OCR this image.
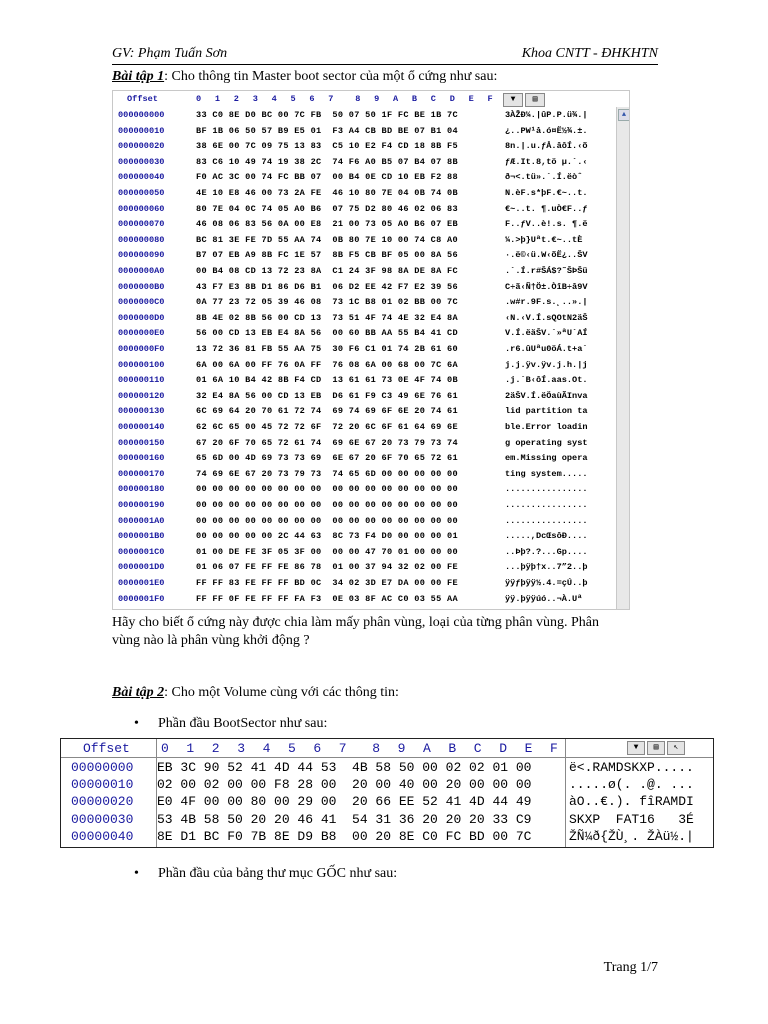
GV: Phạm Tuấn Sơn	Khoa CNTT - ĐHKHTN
Bài tập 1: Cho thông tin Master boot sector của một ổ cứng như sau:
Offset	0 1 2 3 4 5 6 7	8 9 A B C D E F	▼	▤
000000000	33 C0 8E D0 BC 00 7C FB  50 07 50 1F FC BE 1B 7C	3ÀŽÐ¼.|ûP.P.ü¾.|
000000010	BF 1B 06 50 57 B9 E5 01  F3 A4 CB BD BE 07 B1 04	¿..PW¹å.ó¤Ë½¾.±.
000000020	38 6E 00 7C 09 75 13 83  C5 10 E2 F4 CD 18 8B F5	8n.|.u.ƒÅ.âôÍ.‹õ
000000030	83 C6 10 49 74 19 38 2C  74 F6 A0 B5 07 B4 07 8B	ƒÆ.It.8,tö µ.´.‹
000000040	F0 AC 3C 00 74 FC BB 07  00 B4 0E CD 10 EB F2 88	ð¬<.tü».´.Í.ëòˆ
000000050	4E 10 E8 46 00 73 2A FE  46 10 80 7E 04 0B 74 0B	N.èF.s*þF.€~..t.
000000060	80 7E 04 0C 74 05 A0 B6  07 75 D2 80 46 02 06 83	€~..t. ¶.uÒ€F..ƒ
000000070	46 08 06 83 56 0A 00 E8  21 00 73 05 A0 B6 07 EB	F..ƒV..è!.s. ¶.ë
000000080	BC 81 3E FE 7D 55 AA 74  0B 80 7E 10 00 74 C8 A0	¼.>þ}Uªt.€~..tÈ
000000090	B7 07 EB A9 8B FC 1E 57  8B F5 CB BF 05 00 8A 56	·.ë©‹ü.W‹õË¿..ŠV
0000000A0	00 B4 08 CD 13 72 23 8A  C1 24 3F 98 8A DE 8A FC	.´.Í.r#ŠÁ$?˜ŠÞŠü
0000000B0	43 F7 E3 8B D1 86 D6 B1  06 D2 EE 42 F7 E2 39 56	C÷ã‹Ñ†Ö±.ÒîB÷â9V
0000000C0	0A 77 23 72 05 39 46 08  73 1C B8 01 02 BB 00 7C	.w#r.9F.s.¸..».|
0000000D0	8B 4E 02 8B 56 00 CD 13  73 51 4F 74 4E 32 E4 8A	‹N.‹V.Í.sQOtN2äŠ
0000000E0	56 00 CD 13 EB E4 8A 56  00 60 BB AA 55 B4 41 CD	V.Í.ëäŠV.`»ªU´AÍ
0000000F0	13 72 36 81 FB 55 AA 75  30 F6 C1 01 74 2B 61 60	.r6.ûUªu0öÁ.t+a`
000000100	6A 00 6A 00 FF 76 0A FF  76 08 6A 00 68 00 7C 6A	j.j.ÿv.ÿv.j.h.|j
000000110	01 6A 10 B4 42 8B F4 CD  13 61 61 73 0E 4F 74 0B	.j.´B‹ôÍ.aas.Ot.
000000120	32 E4 8A 56 00 CD 13 EB  D6 61 F9 C3 49 6E 76 61	2äŠV.Í.ëÖaùÃInva
000000130	6C 69 64 20 70 61 72 74  69 74 69 6F 6E 20 74 61	lid partition ta
000000140	62 6C 65 00 45 72 72 6F  72 20 6C 6F 61 64 69 6E	ble.Error loadin
000000150	67 20 6F 70 65 72 61 74  69 6E 67 20 73 79 73 74	g operating syst
000000160	65 6D 00 4D 69 73 73 69  6E 67 20 6F 70 65 72 61	em.Missing opera
000000170	74 69 6E 67 20 73 79 73  74 65 6D 00 00 00 00 00	ting system.....
000000180	00 00 00 00 00 00 00 00  00 00 00 00 00 00 00 00	................
000000190	00 00 00 00 00 00 00 00  00 00 00 00 00 00 00 00	................
0000001A0	00 00 00 00 00 00 00 00  00 00 00 00 00 00 00 00	................
0000001B0	00 00 00 00 00 2C 44 63  8C 73 F4 D0 00 00 00 01	.....,DcŒsôÐ....
0000001C0	01 00 DE FE 3F 05 3F 00  00 00 47 70 01 00 00 00	..Þþ?.?...Gp....
0000001D0	01 06 07 FE FF FE 86 78  01 00 37 94 32 02 00 FE	...þÿþ†x..7”2..þ
0000001E0	FF FF 83 FE FF FF BD 0C  34 02 3D E7 DA 00 00 FE	ÿÿƒþÿÿ½.4.=çÚ..þ
0000001F0	FF FF 0F FE FF FF FA F3  0E 03 8F AC C0 03 55 AA	ÿÿ.þÿÿúó..¬À.Uª
▲
Hãy cho biết ổ cứng này được chia làm mấy phân vùng, loại của từng phân vùng. Phân
vùng nào là phân vùng khởi động ?
Bài tập 2: Cho một Volume cùng với các thông tin:
• Phần đầu BootSector như sau:
Offset 0 1 2 3 4 5 6 7 8 9 A B C D E F	▼	▤	↖
00000000 EB 3C 90 52 41 4D 44 53  4B 58 50 00 02 02 01 00	ë<.RAMDSKXP.....
00000010 02 00 02 00 00 F8 28 00  20 00 40 00 20 00 00 00	.....ø(. .@. ...
00000020 E0 4F 00 00 80 00 29 00  20 66 EE 52 41 4D 44 49	àO..€.). fîRAMDI
00000030 53 4B 58 50 20 20 46 41  54 31 36 20 20 20 33 C9	SKXP  FAT16   3É
00000040 8E D1 BC F0 7B 8E D9 B8  00 20 8E C0 FC BD 00 7C	ŽÑ¼ð{ŽÙ¸. ŽÀü½.|
• Phần đầu của bảng thư mục GỐC như sau:
Trang 1/7
